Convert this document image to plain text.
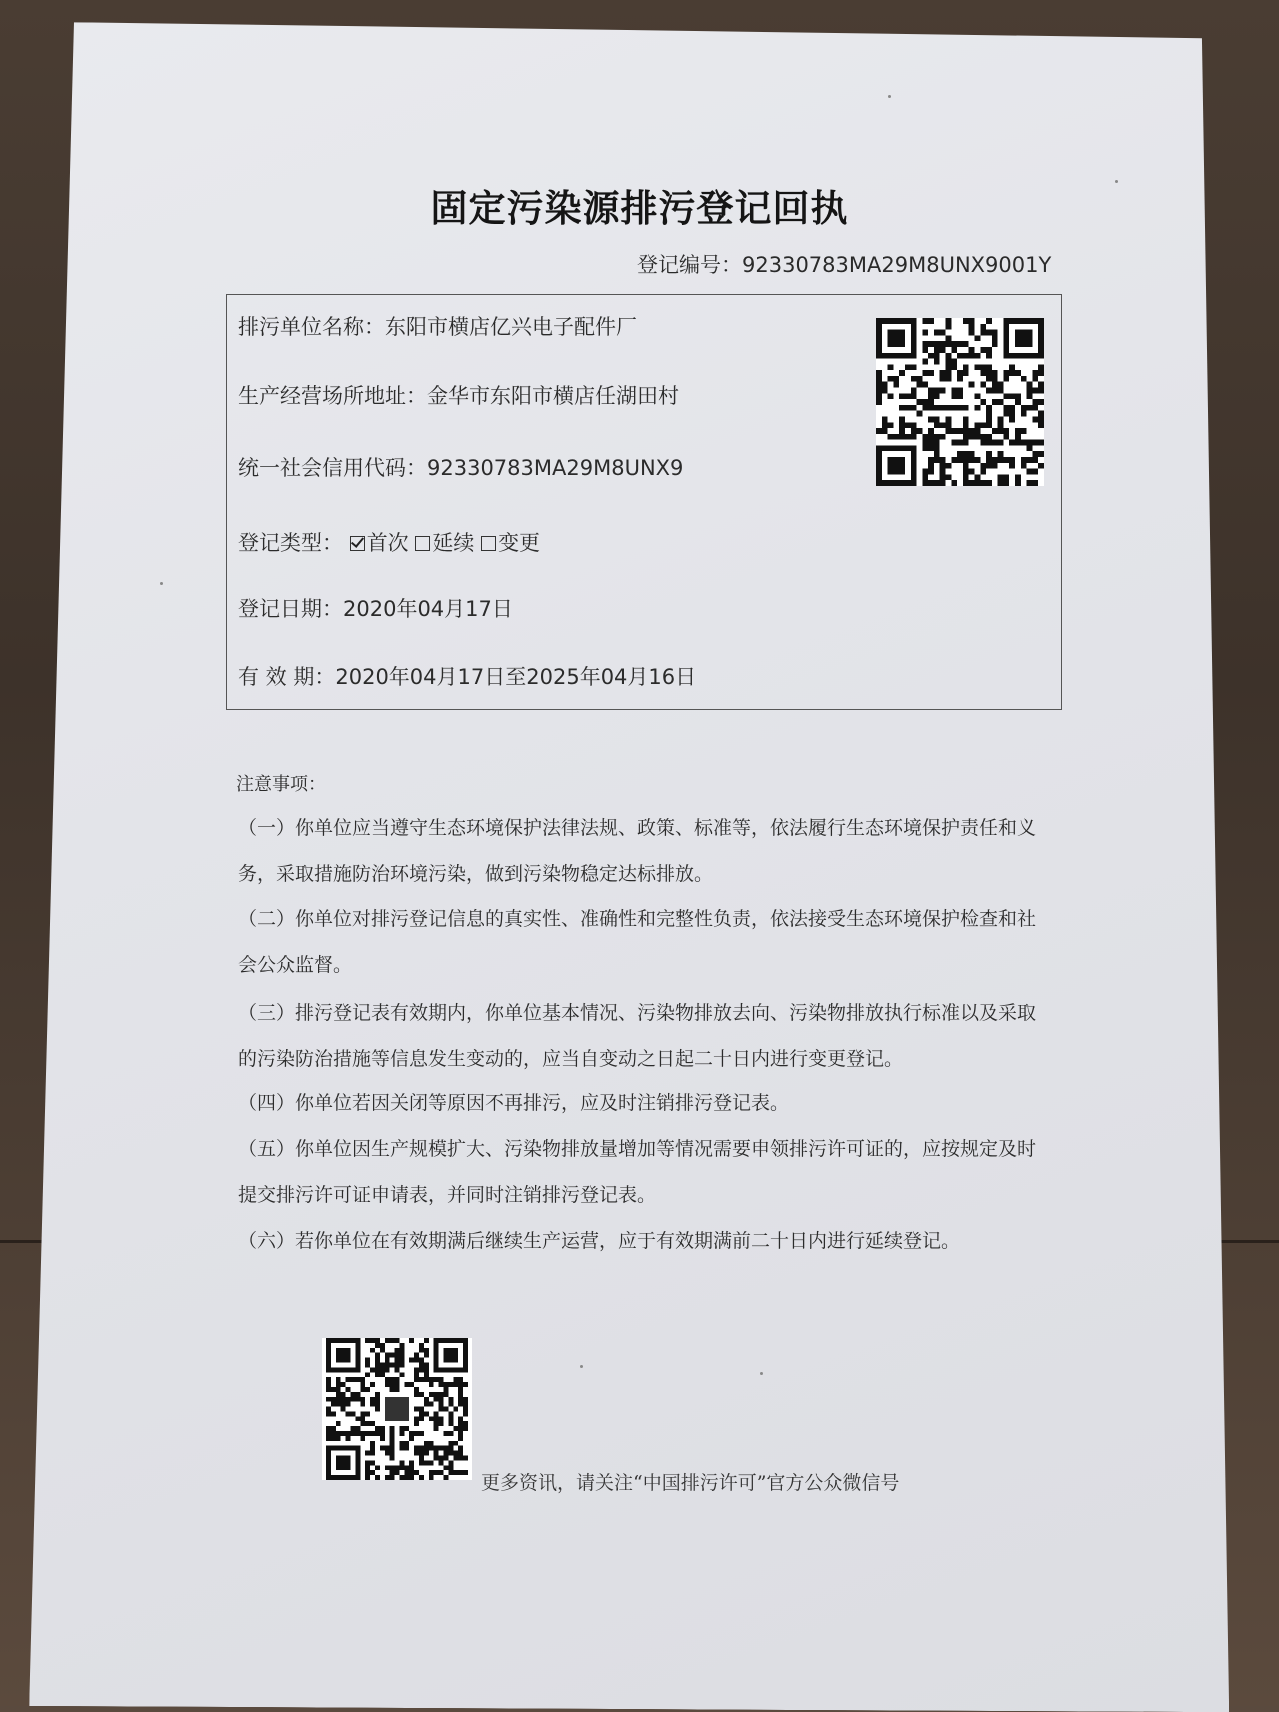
固定污染源排污登记回执
登记编号：92330783MA29M8UNX9001Y
排污单位名称：东阳市横店亿兴电子配件厂
生产经营场所地址：金华市东阳市横店任湖田村
统一社会信用代码：92330783MA29M8UNX9
登记类型： 首次 延续 变更
登记日期：2020年04月17日
有 效 期：2020年04月17日至2025年04月16日
注意事项：
（一）你单位应当遵守生态环境保护法律法规、政策、标准等，依法履行生态环境保护责任和义务，采取措施防治环境污染，做到污染物稳定达标排放。
（二）你单位对排污登记信息的真实性、准确性和完整性负责，依法接受生态环境保护检查和社会公众监督。
（三）排污登记表有效期内，你单位基本情况、污染物排放去向、污染物排放执行标准以及采取的污染防治措施等信息发生变动的，应当自变动之日起二十日内进行变更登记。
（四）你单位若因关闭等原因不再排污，应及时注销排污登记表。
（五）你单位因生产规模扩大、污染物排放量增加等情况需要申领排污许可证的，应按规定及时提交排污许可证申请表，并同时注销排污登记表。
（六）若你单位在有效期满后继续生产运营，应于有效期满前二十日内进行延续登记。
更多资讯，请关注“中国排污许可”官方公众微信号
